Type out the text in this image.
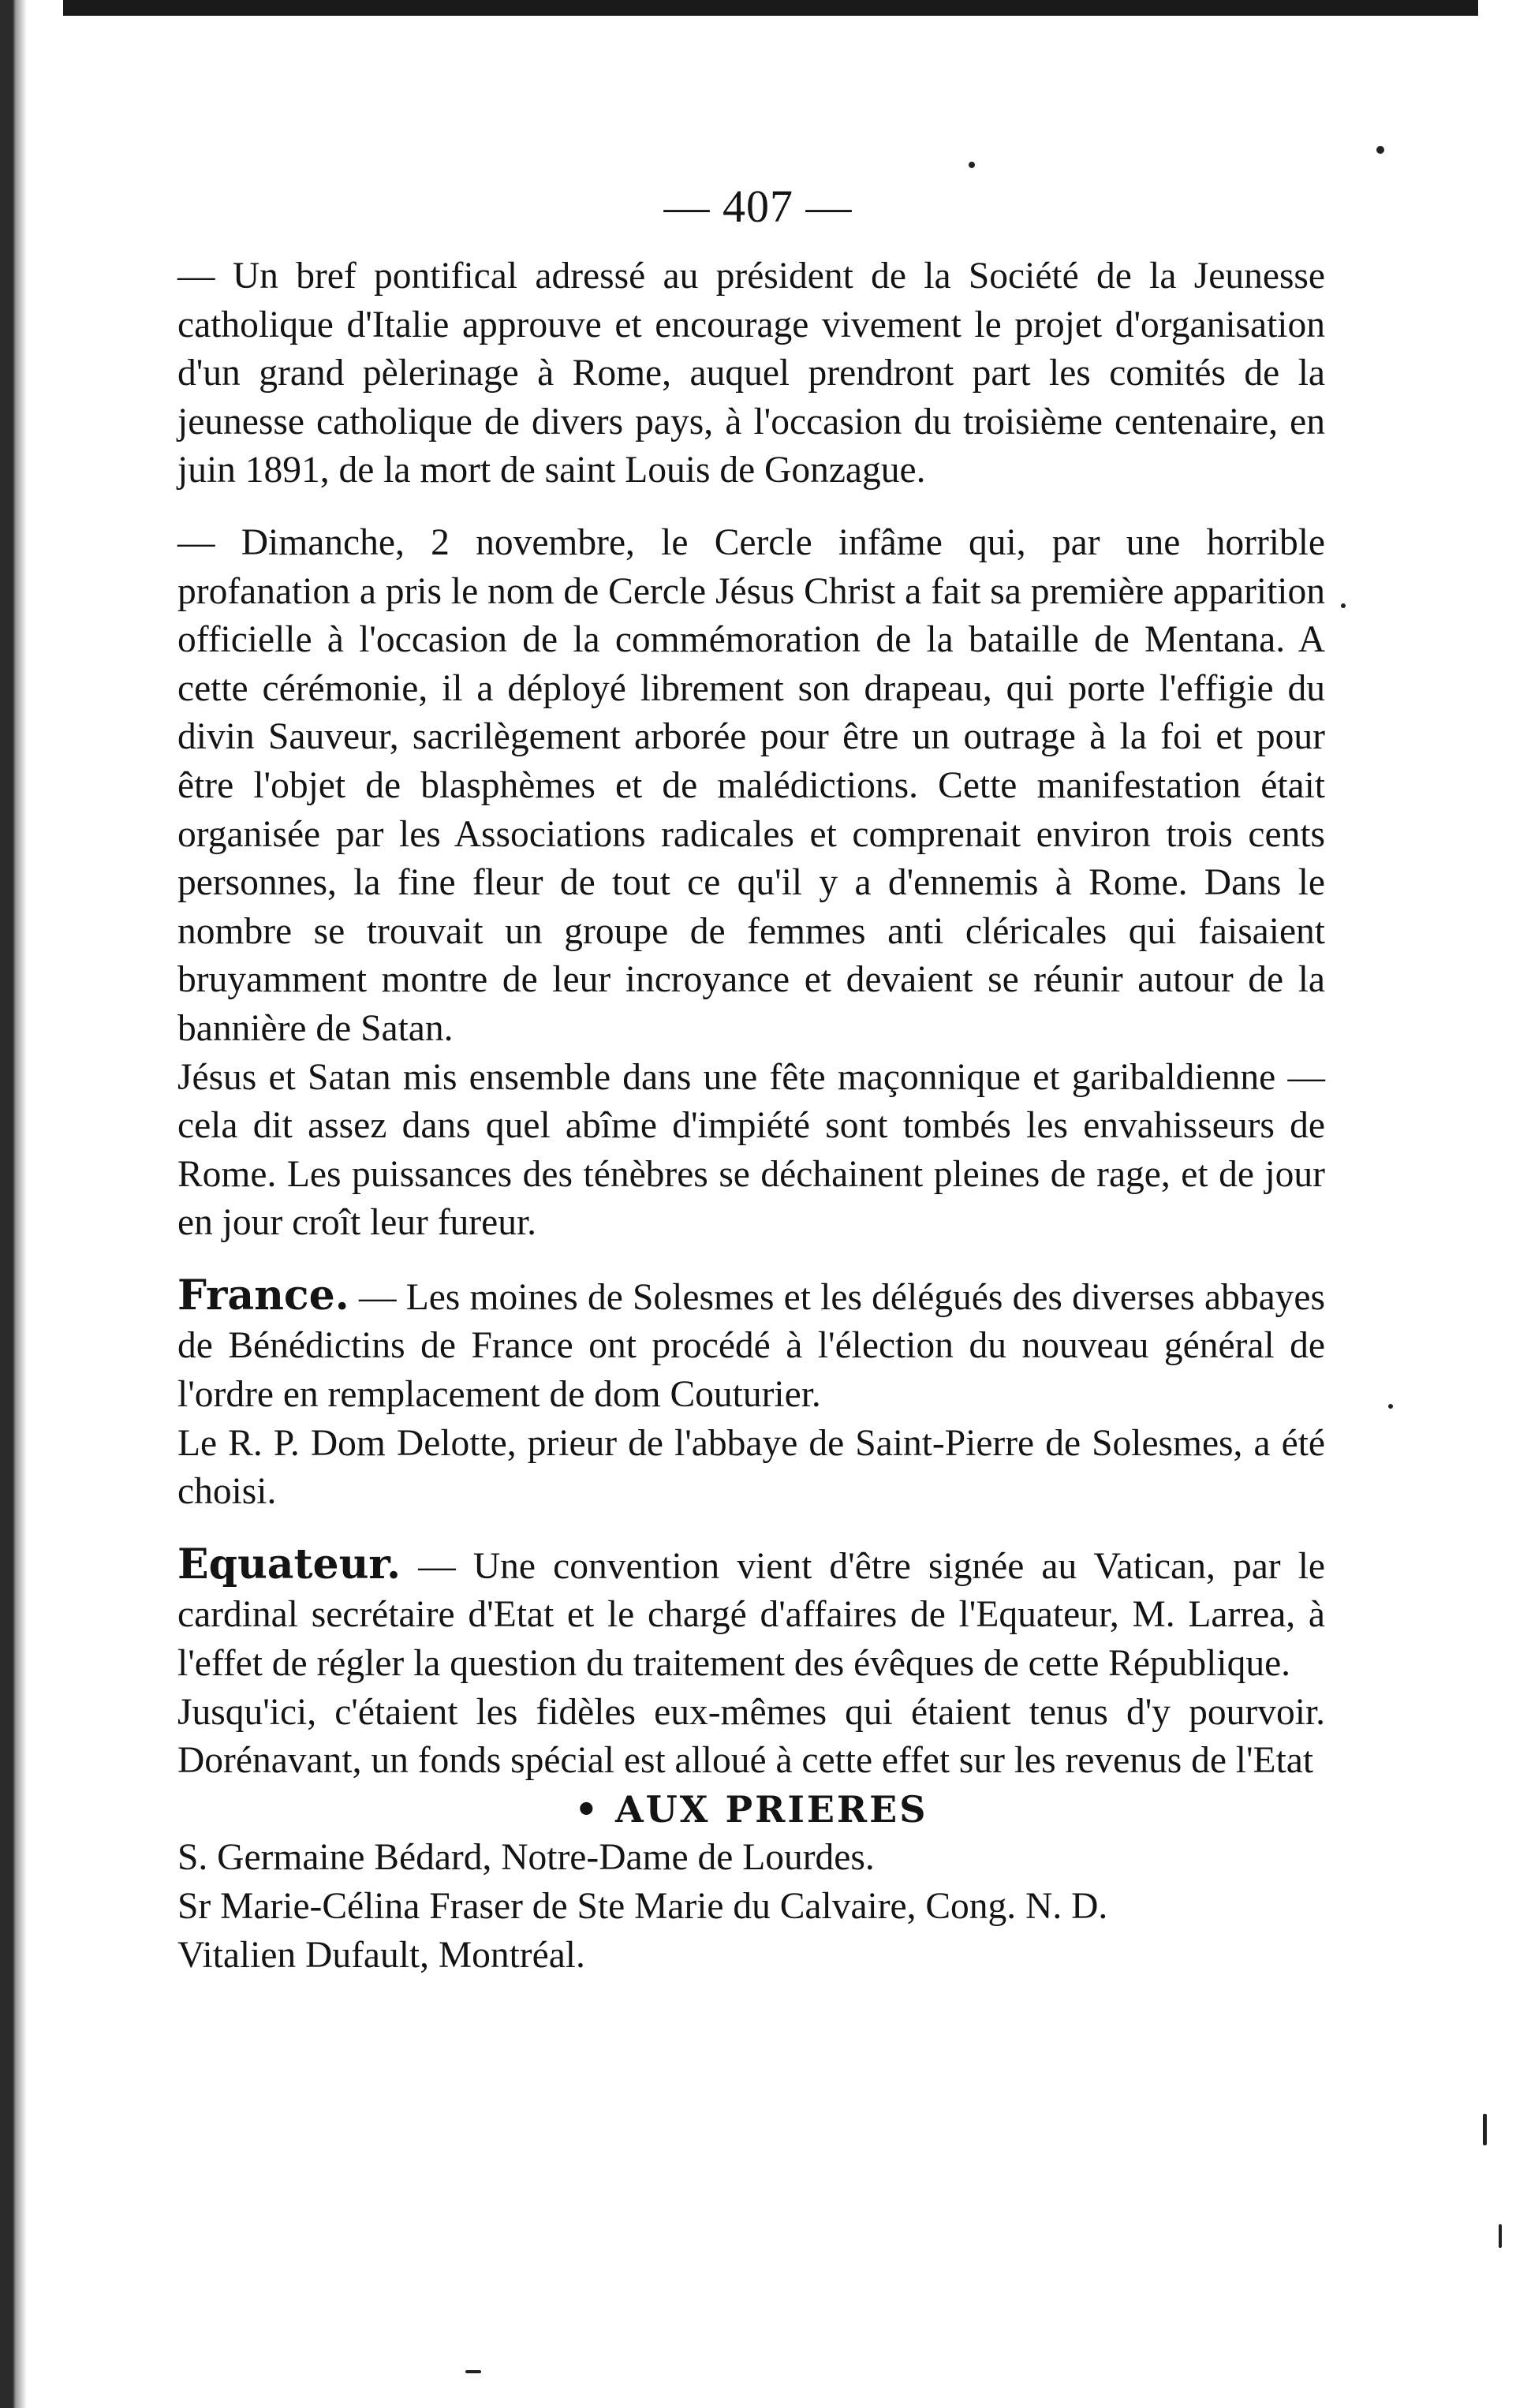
— 407 —

— Un bref pontifical adressé au président de la Société de la Jeunesse catholique d'Italie approuve et encourage vivement le projet d'organisation d'un grand pèlerinage à Rome, auquel prendront part les comités de la jeunesse catholique de divers pays, à l'occasion du troisième centenaire, en juin 1891, de la mort de saint Louis de Gonzague.

— Dimanche, 2 novembre, le Cercle infâme qui, par une horrible profanation a pris le nom de Cercle Jésus Christ a fait sa première apparition officielle à l'occasion de la commémoration de la bataille de Mentana. A cette cérémonie, il a déployé librement son drapeau, qui porte l'effigie du divin Sauveur, sacrilègement arborée pour être un outrage à la foi et pour être l'objet de blasphèmes et de malédictions. Cette manifestation était organisée par les Associations radicales et comprenait environ trois cents personnes, la fine fleur de tout ce qu'il y a d'ennemis à Rome. Dans le nombre se trouvait un groupe de femmes anti cléricales qui faisaient bruyamment montre de leur incroyance et devaient se réunir autour de la bannière de Satan.

Jésus et Satan mis ensemble dans une fête maçonnique et garibaldienne — cela dit assez dans quel abîme d'impiété sont tombés les envahisseurs de Rome. Les puissances des ténèbres se déchainent pleines de rage, et de jour en jour croît leur fureur.

France. — Les moines de Solesmes et les délégués des diverses abbayes de Bénédictins de France ont procédé à l'élection du nouveau général de l'ordre en remplacement de dom Couturier.

Le R. P. Dom Delotte, prieur de l'abbaye de Saint-Pierre de Solesmes, a été choisi.

Equateur. — Une convention vient d'être signée au Vatican, par le cardinal secrétaire d'Etat et le chargé d'affaires de l'Equateur, M. Larrea, à l'effet de régler la question du traitement des évêques de cette République.

Jusqu'ici, c'étaient les fidèles eux-mêmes qui étaient tenus d'y pourvoir. Dorénavant, un fonds spécial est alloué à cette effet sur les revenus de l'Etat

• AUX PRIERES

S. Germaine Bédard, Notre-Dame de Lourdes.

Sr Marie-Célina Fraser de Ste Marie du Calvaire, Cong. N. D.

Vitalien Dufault, Montréal.
